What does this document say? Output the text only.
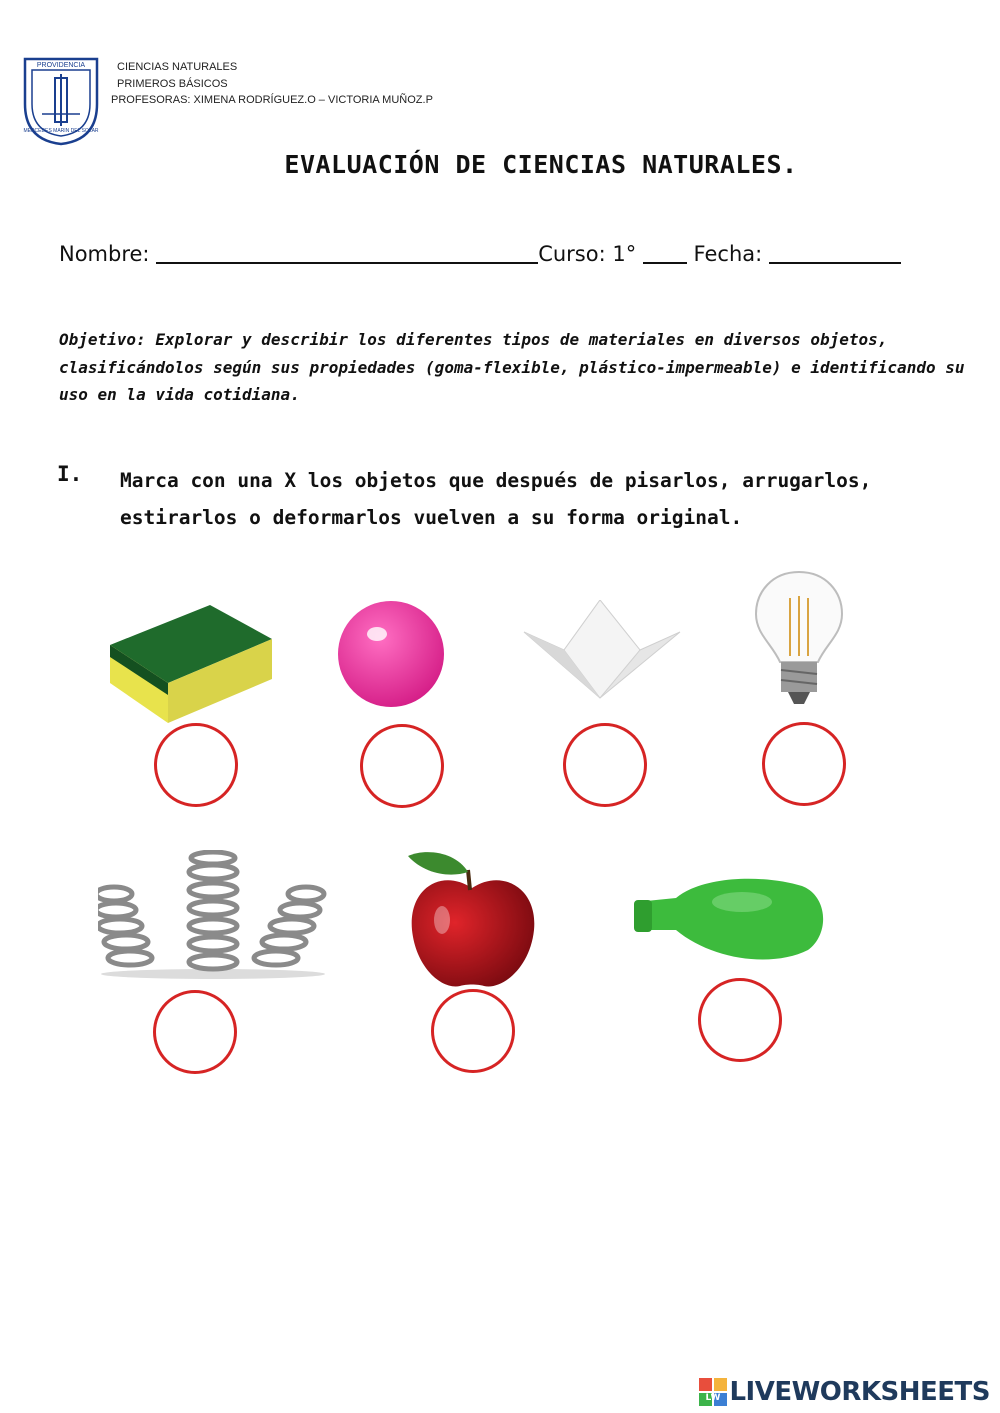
PROVIDENCIA
MERCEDES MARIN DEL SOLAR
CIENCIAS NATURALES
PRIMEROS BÁSICOS
PROFESORAS: XIMENA RODRÍGUEZ.O – VICTORIA MUÑOZ.P
EVALUACIÓN DE CIENCIAS NATURALES.
Nombre:	Curso: 1°  Fecha:
Objetivo: Explorar y describir los diferentes tipos de materiales en diversos objetos, clasificándolos según sus propiedades (goma-flexible, plástico-impermeable) e identificando su uso en la vida cotidiana.
I. Marca con una X los objetos que después de pisarlos, arrugarlos, estirarlos o deformarlos vuelven a su forma original.
LW LIVEWORKSHEETS
